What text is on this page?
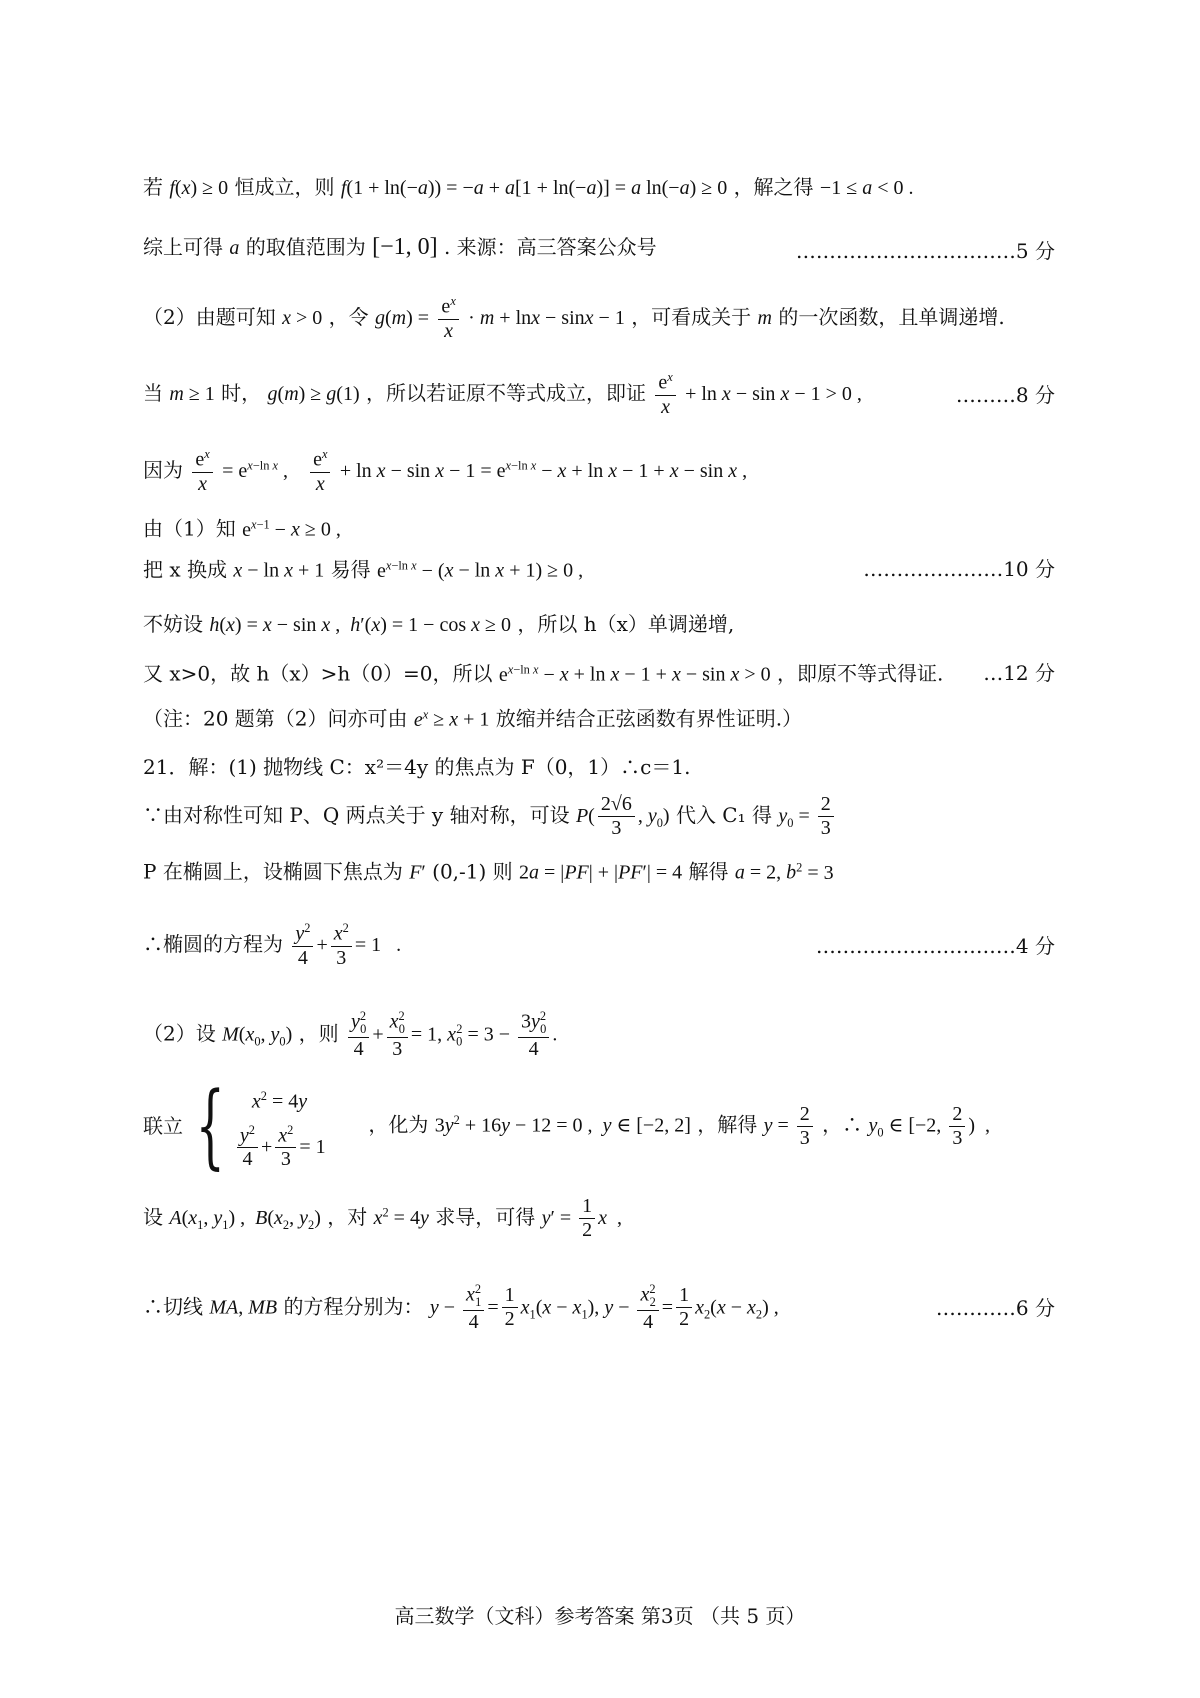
若 f(x) ≥ 0 恒成立，则 f(1 + ln(−a)) = −a + a[1 + ln(−a)] = a ln(−a) ≥ 0 ，解之得 −1 ≤ a < 0 .
综上可得 a 的取值范围为 [−1, 0] . 来源：高三答案公众号	……………………………5 分
（2）由题可知 x > 0 ，令 $g(m) = \frac{e^x}{x} \cdot m + \ln x - \sin x - 1$ ，可看成关于 m 的一次函数，且单调递增.
当 m ≥ 1 时， g(m) ≥ g(1) ，所以若证原不等式成立，即证 $\frac{e^x}{x} + \ln x - \sin x - 1 > 0$ ,	………8 分
因为 $\frac{e^x}{x} = e^{x-ln x}$ , $\frac{e^x}{x} + \ln x - \sin x - 1 = e^{x-ln x} - x + \ln x - 1 + x - \sin x$ ,
由（1）知 $e^{x-1} - x \ge 0$ ,
把 x 换成 x − ln x + 1 易得 $e^{x-ln x} - (x - \ln x + 1) \ge 0$ ,	…………………10 分
不妨设 h(x) = x − sin x ,  h′(x) = 1 − cos x ≥ 0 ，所以 h（x）单调递增,
又 x>0，故 h（x）>h（0）=0，所以 $e^{x-ln x} - x + \ln x - 1 + x - \sin x > 0$ ，即原不等式得证.	…12 分
（注：20 题第（2）问亦可由 $e^x \ge x + 1$ 放缩并结合正弦函数有界性证明.）
21．解：(1) 抛物线 C：x²＝4y 的焦点为 F（0，1）∴c＝1.
∵由对称性可知 P、Q 两点关于 y 轴对称，可设 $P( \frac{2√6}{3}$ , $y_0$) 代入 C₁ 得 $y_0 = \frac{2}{3}$
P 在椭圆上，设椭圆下焦点为 F′ (0,-1) 则 2a = |PF| + |PF′| = 4 解得 a = 2, $b^2 = 3$
∴椭圆的方程为 $\frac{y^2}{4} + \frac{x^2}{3} = 1$   .	…………………………4 分
（2）设 $M(x_0$, $y_0$) ，则 $\frac{y^2_0}{4} + \frac{x^2_0}{3} = 1$, $x_0^2 = 3 - \frac{3y^2_0}{4}$ .
联立 {	$x^2 = 4y$
$\frac{y^2}{4} + \frac{x^2}{3} = 1$
，化为 $3y^2 + 16y - 12 = 0$ ,  y ∈ [−2, 2] ，解得 $y = \frac{2}{3}$ ，∴ $y_0$ ∈ [−2, $\frac{2}{3}$ )  ,
设 $A(x_1$, $y_1$) ,  $B(x_2$, $y_2$) ，对 $x^2 = 4y$ 求导，可得 $y' = \frac{1}{2}$ x  ,
∴切线 MA, MB 的方程分别为： $y - \frac{x^2_1}{4} = \frac{1}{2} x_1(x - x_1)$, $y - \frac{x^2_2}{4} = \frac{1}{2} x_2(x - x_2)$ ,	…………6 分
高三数学（文科）参考答案 第3页 （共 5 页）
